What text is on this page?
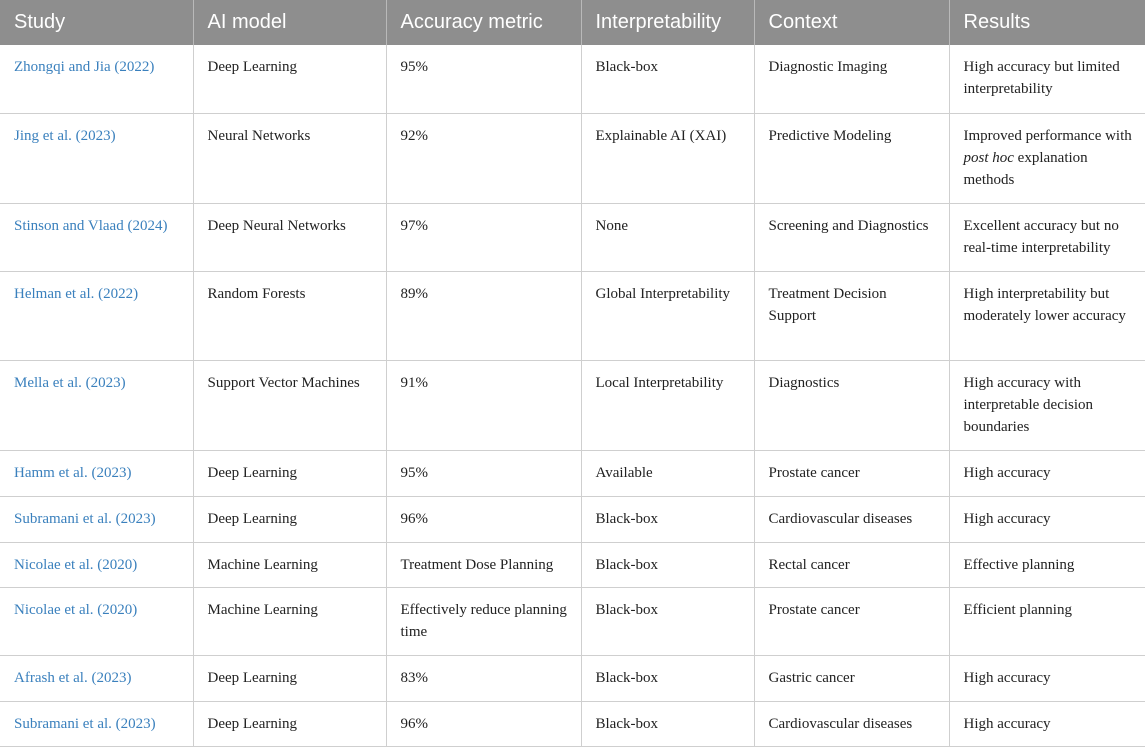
Study	AI model	Accuracy metric	Interpretability	Context	Results
Zhongqi and Jia (2022)	Deep Learning	95%	Black-box	Diagnostic Imaging	High accuracy but limited interpretability
Jing et al. (2023)	Neural Networks	92%	Explainable AI (XAI)	Predictive Modeling	Improved performance with post hoc explanation methods
Stinson and Vlaad (2024)	Deep Neural Networks	97%	None	Screening and Diagnostics	Excellent accuracy but no real-time interpretability
Helman et al. (2022)	Random Forests	89%	Global Interpretability	Treatment Decision Support	High interpretability but moderately lower accuracy
Mella et al. (2023)	Support Vector Machines	91%	Local Interpretability	Diagnostics	High accuracy with interpretable decision boundaries
Hamm et al. (2023)	Deep Learning	95%	Available	Prostate cancer	High accuracy
Subramani et al. (2023)	Deep Learning	96%	Black-box	Cardiovascular diseases	High accuracy
Nicolae et al. (2020)	Machine Learning	Treatment Dose Planning	Black-box	Rectal cancer	Effective planning
Nicolae et al. (2020)	Machine Learning	Effectively reduce planning time	Black-box	Prostate cancer	Efficient planning
Afrash et al. (2023)	Deep Learning	83%	Black-box	Gastric cancer	High accuracy
Subramani et al. (2023)	Deep Learning	96%	Black-box	Cardiovascular diseases	High accuracy
